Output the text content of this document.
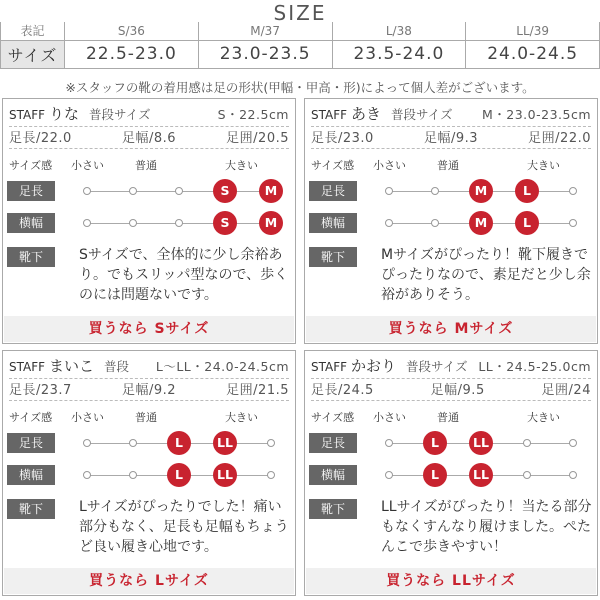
SIZE
表記	S/36	M/37	L/38	LL/39
サイズ	22.5-23.0	23.0-23.5	23.5-24.0	24.0-24.5
※スタッフの靴の着用感は足の形状(甲幅・甲高・形)によって個人差がございます。
STAFF りな 普段サイズ	S・22.5cm
足長/22.0	足幅/8.6	足囲/20.5
サイズ感 小さい	普通	大きい
足長
横幅
靴下	Sサイズで、全体的に少し余裕あり。でもスリッパ型なので、歩くのには問題ないです。
買うなら Sサイズ
S	M
S	M
STAFF あき 普段サイズ M・23.0-23.5cm
足長/23.0	足幅/9.3	足囲/22.0
サイズ感 小さい	普通	大きい
足長
横幅
靴下	Mサイズがぴったり！靴下履きでぴったりなので、素足だと少し余裕がありそう。
買うなら Mサイズ
M	L
M	L
STAFF まいこ 普段 L〜LL・24.0-24.5cm
足長/23.7	足幅/9.2	足囲/21.5
サイズ感 小さい	普通	大きい
足長
横幅
靴下	Lサイズがぴったりでした！痛い部分もなく、足長も足幅もちょうど良い履き心地です。
買うなら Lサイズ
L	LL
L	LL
STAFF かおり 普段サイズ LL・24.5-25.0cm
足長/24.5	足幅/9.5	足囲/24
サイズ感 小さい	普通	大きい
足長
横幅
靴下	LLサイズがぴったり！当たる部分もなくすんなり履けました。ぺたんこで歩きやすい！
買うなら LLサイズ
L	LL
L	LL
